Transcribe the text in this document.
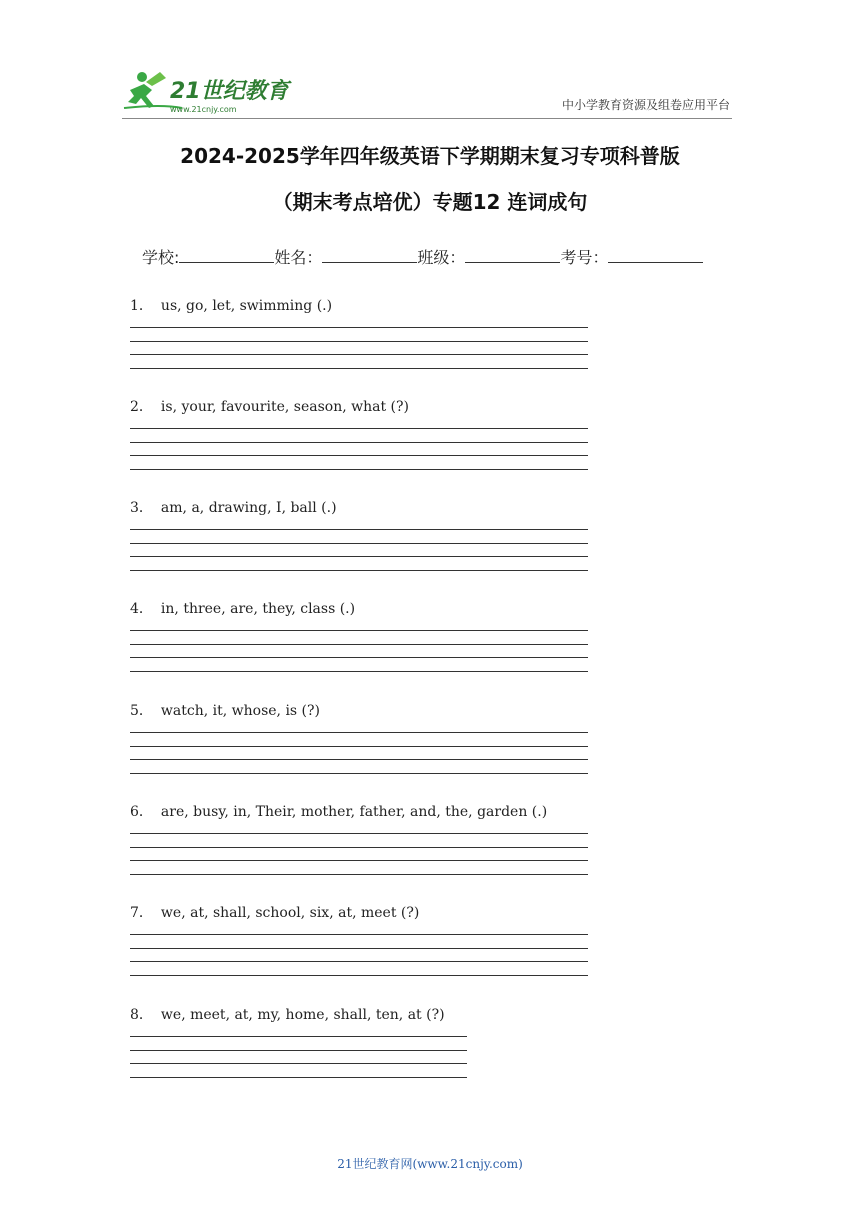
21世纪教育
www.21cnjy.com	中小学教育资源及组卷应用平台
2024-2025学年四年级英语下学期期末复习专项科普版
（期末考点培优）专题12 连词成句
学校:	姓名：	班级：	考号：
1． us, go, let, swimming (.)
2． is, your, favourite, season, what (?)
3． am, a, drawing, I, ball (.)
4． in, three, are, they, class (.)
5． watch, it, whose, is (?)
6． are, busy, in, Their, mother, father, and, the, garden (.)
7． we, at, shall, school, six, at, meet (?)
8． we, meet, at, my, home, shall, ten, at (?)
21世纪教育网(www.21cnjy.com)
